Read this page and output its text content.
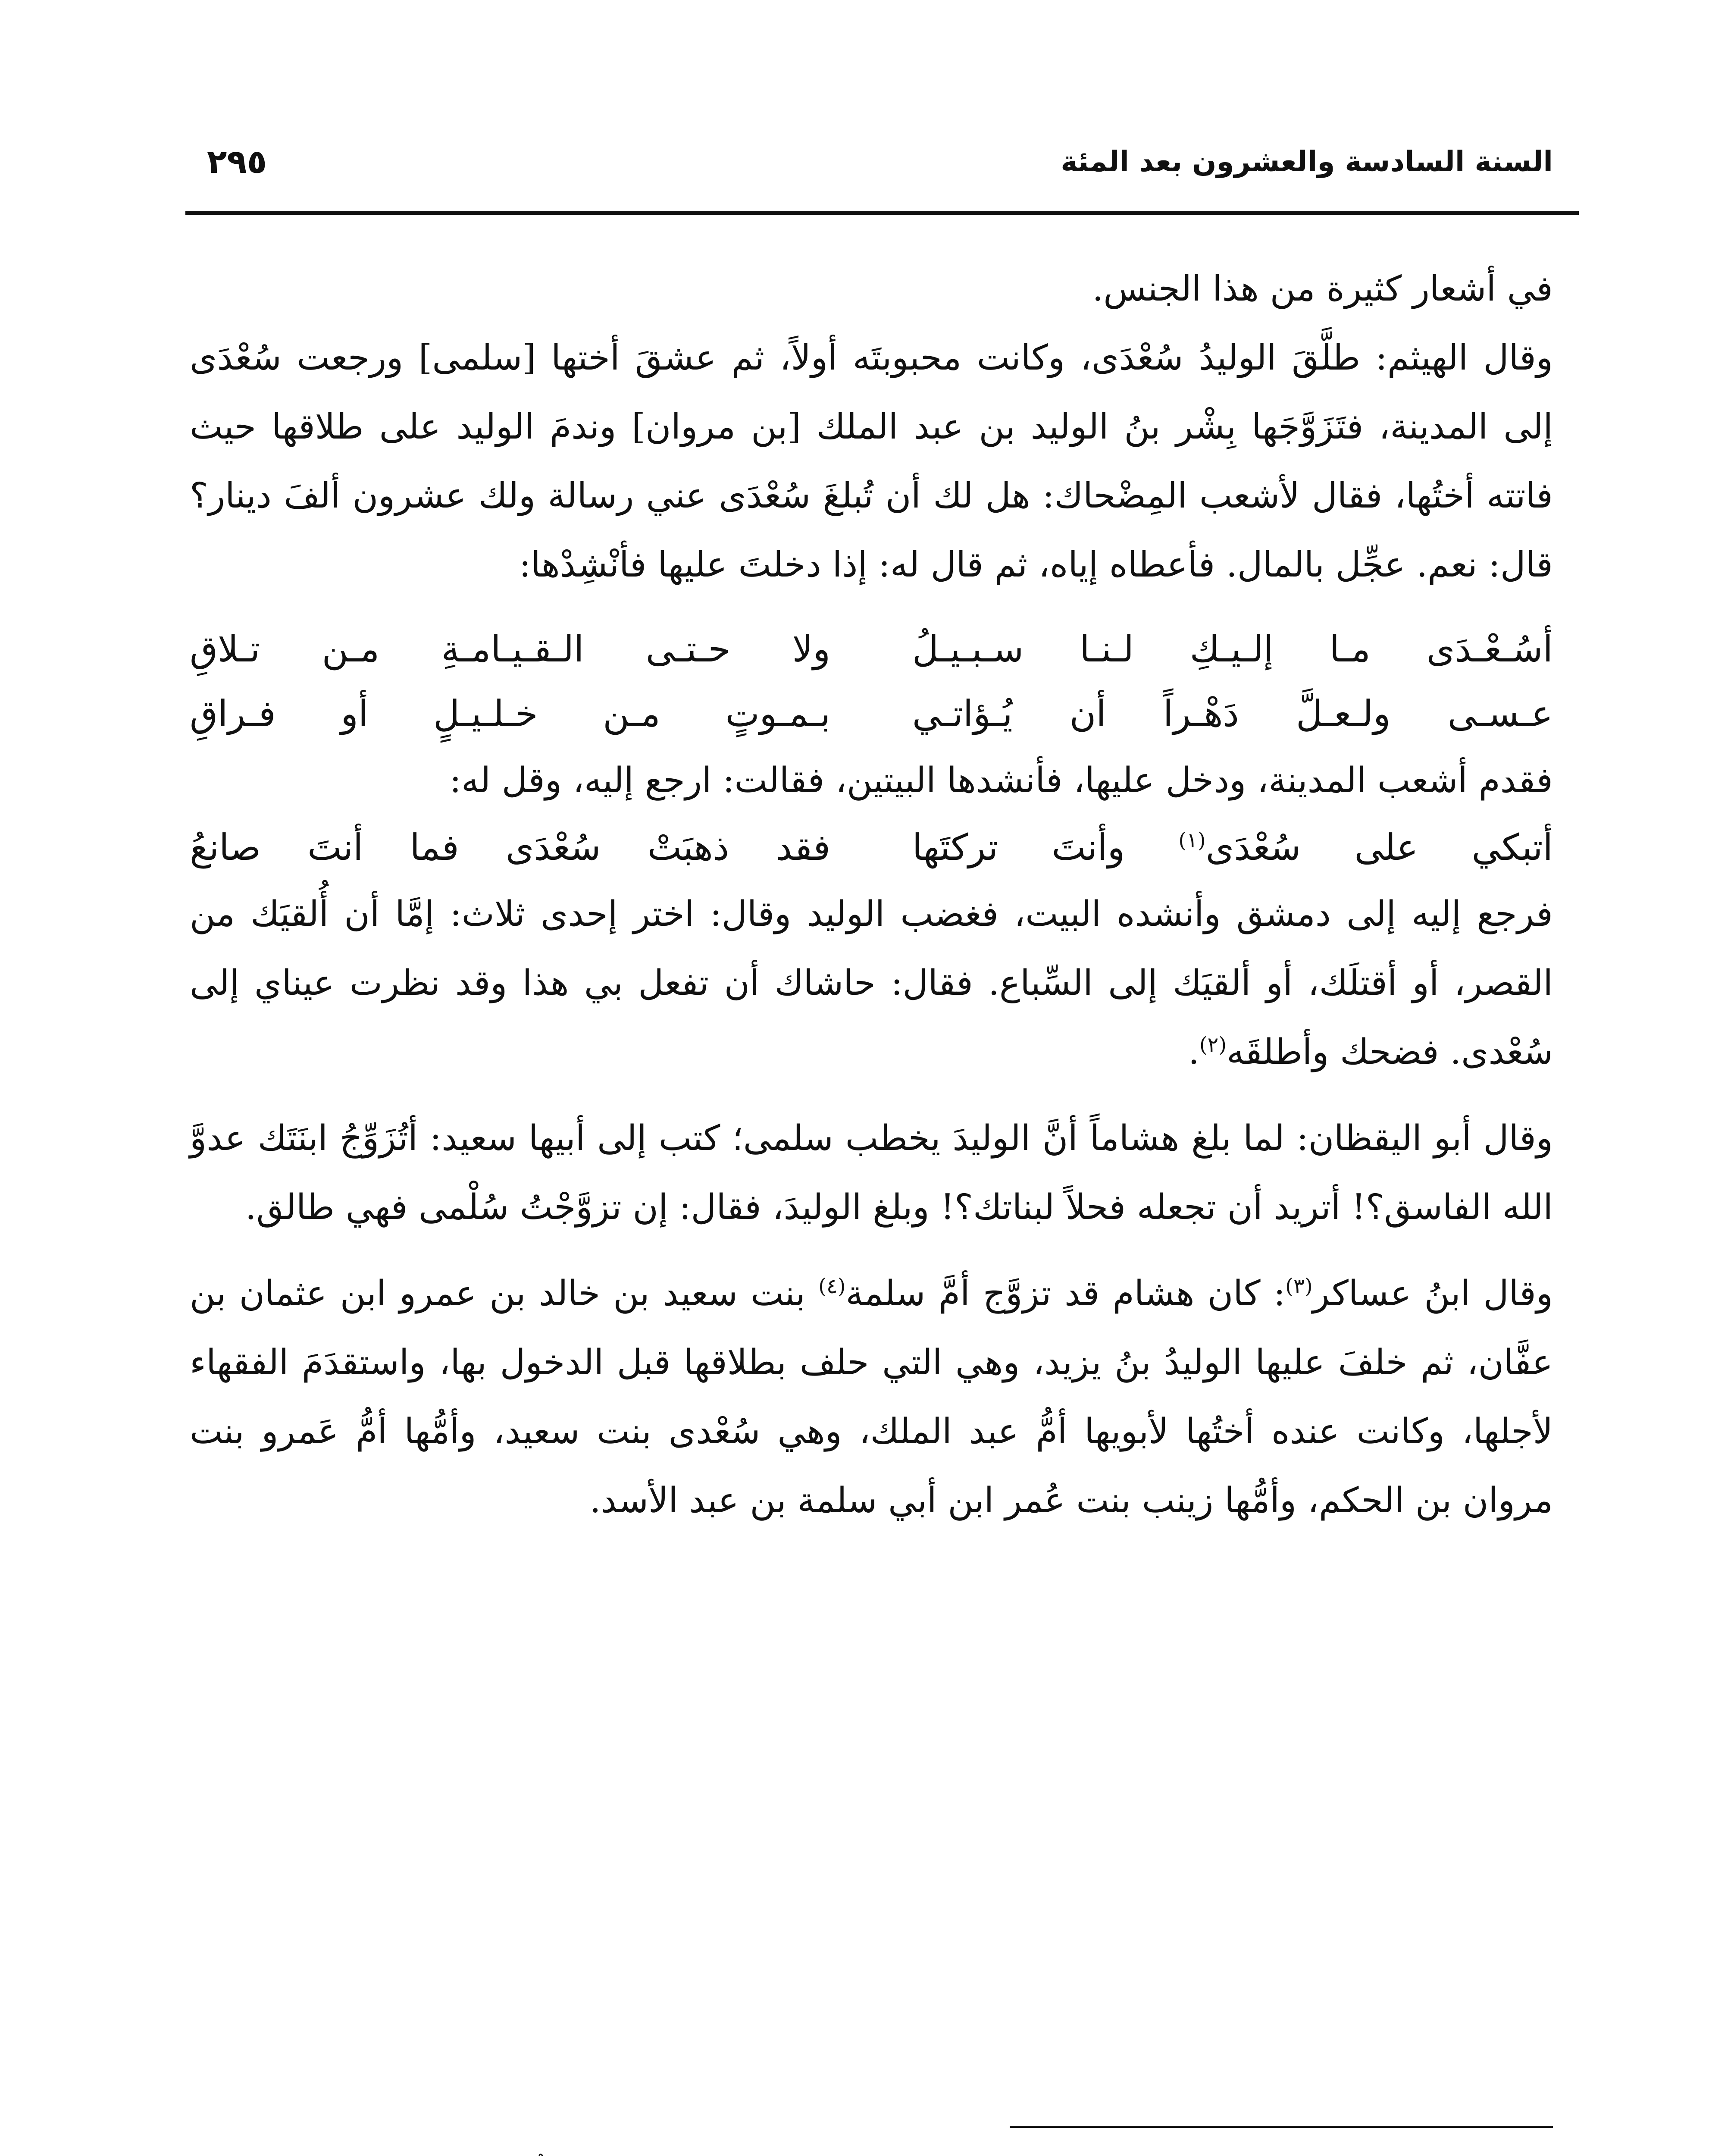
السنة السادسة والعشرون بعد المئة
٢٩٥

في أشعار كثيرة من هذا الجنس.

وقال الهيثم: طلَّقَ الوليدُ سُعْدَى، وكانت محبوبتَه أولاً، ثم عشقَ أختها [سلمى] ورجعت سُعْدَى إلى المدينة، فتَزَوَّجَها بِشْر بنُ الوليد بن عبد الملك [بن مروان] وندمَ الوليد على طلاقها حيث فاتته أختُها، فقال لأشعب المِضْحاك: هل لك أن تُبلغَ سُعْدَى عني رسالة ولك عشرون ألفَ دينار؟ قال: نعم. عجِّل بالمال. فأعطاه إياه، ثم قال له: إذا دخلتَ عليها فأنْشِدْها:

أسُـعْـدَى مـا إلـيـكِ لـنـا سـبـيـلُ
ولا حـتـى الـقـيـامـةِ مـن تـلاقِ
عـسـى ولـعـلَّ دَهْـراً أن يُـؤاتـي
بـمـوتٍ مـن خـلـيـلٍ أو فـراقِ

فقدم أشعب المدينة، ودخل عليها، فأنشدها البيتين، فقالت: ارجع إليه، وقل له:

أتبكي على سُعْدَى$^{(١)}$ وأنتَ تركتَها
فقد ذهبَتْ سُعْدَى فما أنتَ صانعُ

فرجع إليه إلى دمشق وأنشده البيت، فغضب الوليد وقال: اختر إحدى ثلاث: إمَّا أن أُلقيَك من القصر، أو أقتلَك، أو ألقيَك إلى السِّباع. فقال: حاشاك أن تفعل بي هذا وقد نظرت عيناي إلى سُعْدى. فضحك وأطلقَه$^{(٢)}$.

وقال أبو اليقظان: لما بلغ هشاماً أنَّ الوليدَ يخطب سلمى؛ كتب إلى أبيها سعيد: أتُزَوِّجُ ابنَتَك عدوَّ الله الفاسق؟! أتريد أن تجعله فحلاً لبناتك؟! وبلغ الوليدَ، فقال: إن تزوَّجْتُ سُلْمى فهي طالق.

وقال ابنُ عساكر$^{(٣)}$: كان هشام قد تزوَّج أمَّ سلمة$^{(٤)}$ بنت سعيد بن خالد بن عمرو ابن عثمان بن عفَّان، ثم خلفَ عليها الوليدُ بنُ يزيد، وهي التي حلف بطلاقها قبل الدخول بها، واستقدَمَ الفقهاء لأجلها، وكانت عنده أختُها لأبويها أمُّ عبد الملك، وهي سُعْدى بنت سعيد، وأمُّها أمُّ عَمرو بنت مروان بن الحكم، وأمُّها زينب بنت عُمر ابن أبي سلمة بن عبد الأسد.
